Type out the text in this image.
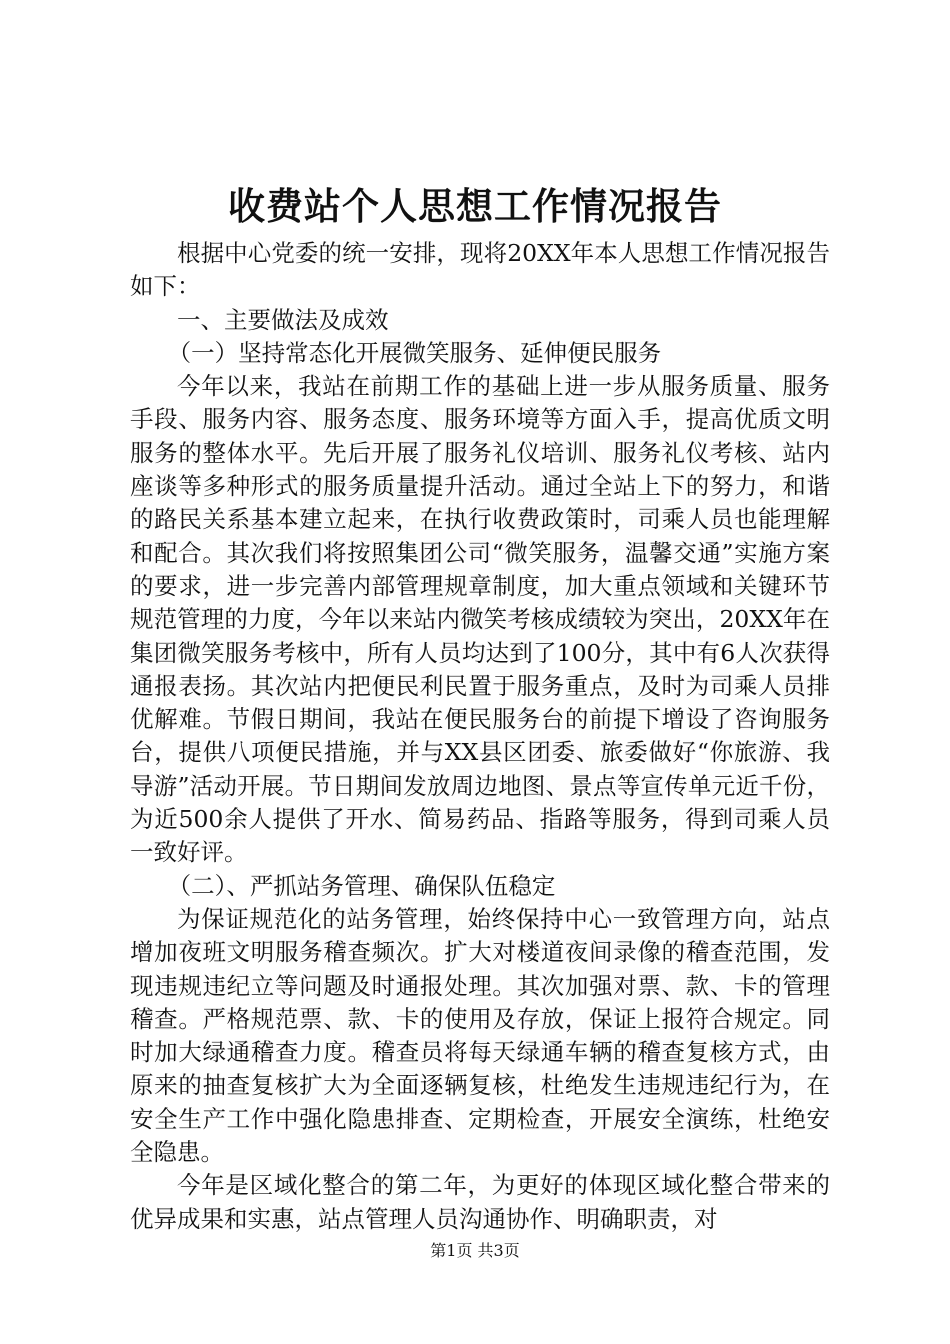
收费站个人思想工作情况报告

根据中心党委的统一安排，现将20XX年本人思想工作情况报告如下：

一、主要做法及成效

（一）坚持常态化开展微笑服务、延伸便民服务

今年以来，我站在前期工作的基础上进一步从服务质量、服务手段、服务内容、服务态度、服务环境等方面入手，提高优质文明服务的整体水平。先后开展了服务礼仪培训、服务礼仪考核、站内座谈等多种形式的服务质量提升活动。通过全站上下的努力，和谐的路民关系基本建立起来，在执行收费政策时，司乘人员也能理解和配合。其次我们将按照集团公司“微笑服务，温馨交通”实施方案的要求，进一步完善内部管理规章制度，加大重点领域和关键环节规范管理的力度，今年以来站内微笑考核成绩较为突出，20XX年在集团微笑服务考核中，所有人员均达到了100分，其中有6人次获得通报表扬。其次站内把便民利民置于服务重点，及时为司乘人员排优解难。节假日期间，我站在便民服务台的前提下增设了咨询服务台，提供八项便民措施，并与XX县区团委、旅委做好“你旅游、我导游”活动开展。节日期间发放周边地图、景点等宣传单元近千份，为近500余人提供了开水、简易药品、指路等服务，得到司乘人员一致好评。

（二）、严抓站务管理、确保队伍稳定

为保证规范化的站务管理，始终保持中心一致管理方向，站点增加夜班文明服务稽查频次。扩大对楼道夜间录像的稽查范围，发现违规违纪立等问题及时通报处理。其次加强对票、款、卡的管理稽查。严格规范票、款、卡的使用及存放，保证上报符合规定。同时加大绿通稽查力度。稽查员将每天绿通车辆的稽查复核方式，由原来的抽查复核扩大为全面逐辆复核，杜绝发生违规违纪行为，在安全生产工作中强化隐患排查、定期检查，开展安全演练，杜绝安全隐患。

今年是区域化整合的第二年，为更好的体现区域化整合带来的优异成果和实惠，站点管理人员沟通协作、明确职责，对

第1页 共3页
